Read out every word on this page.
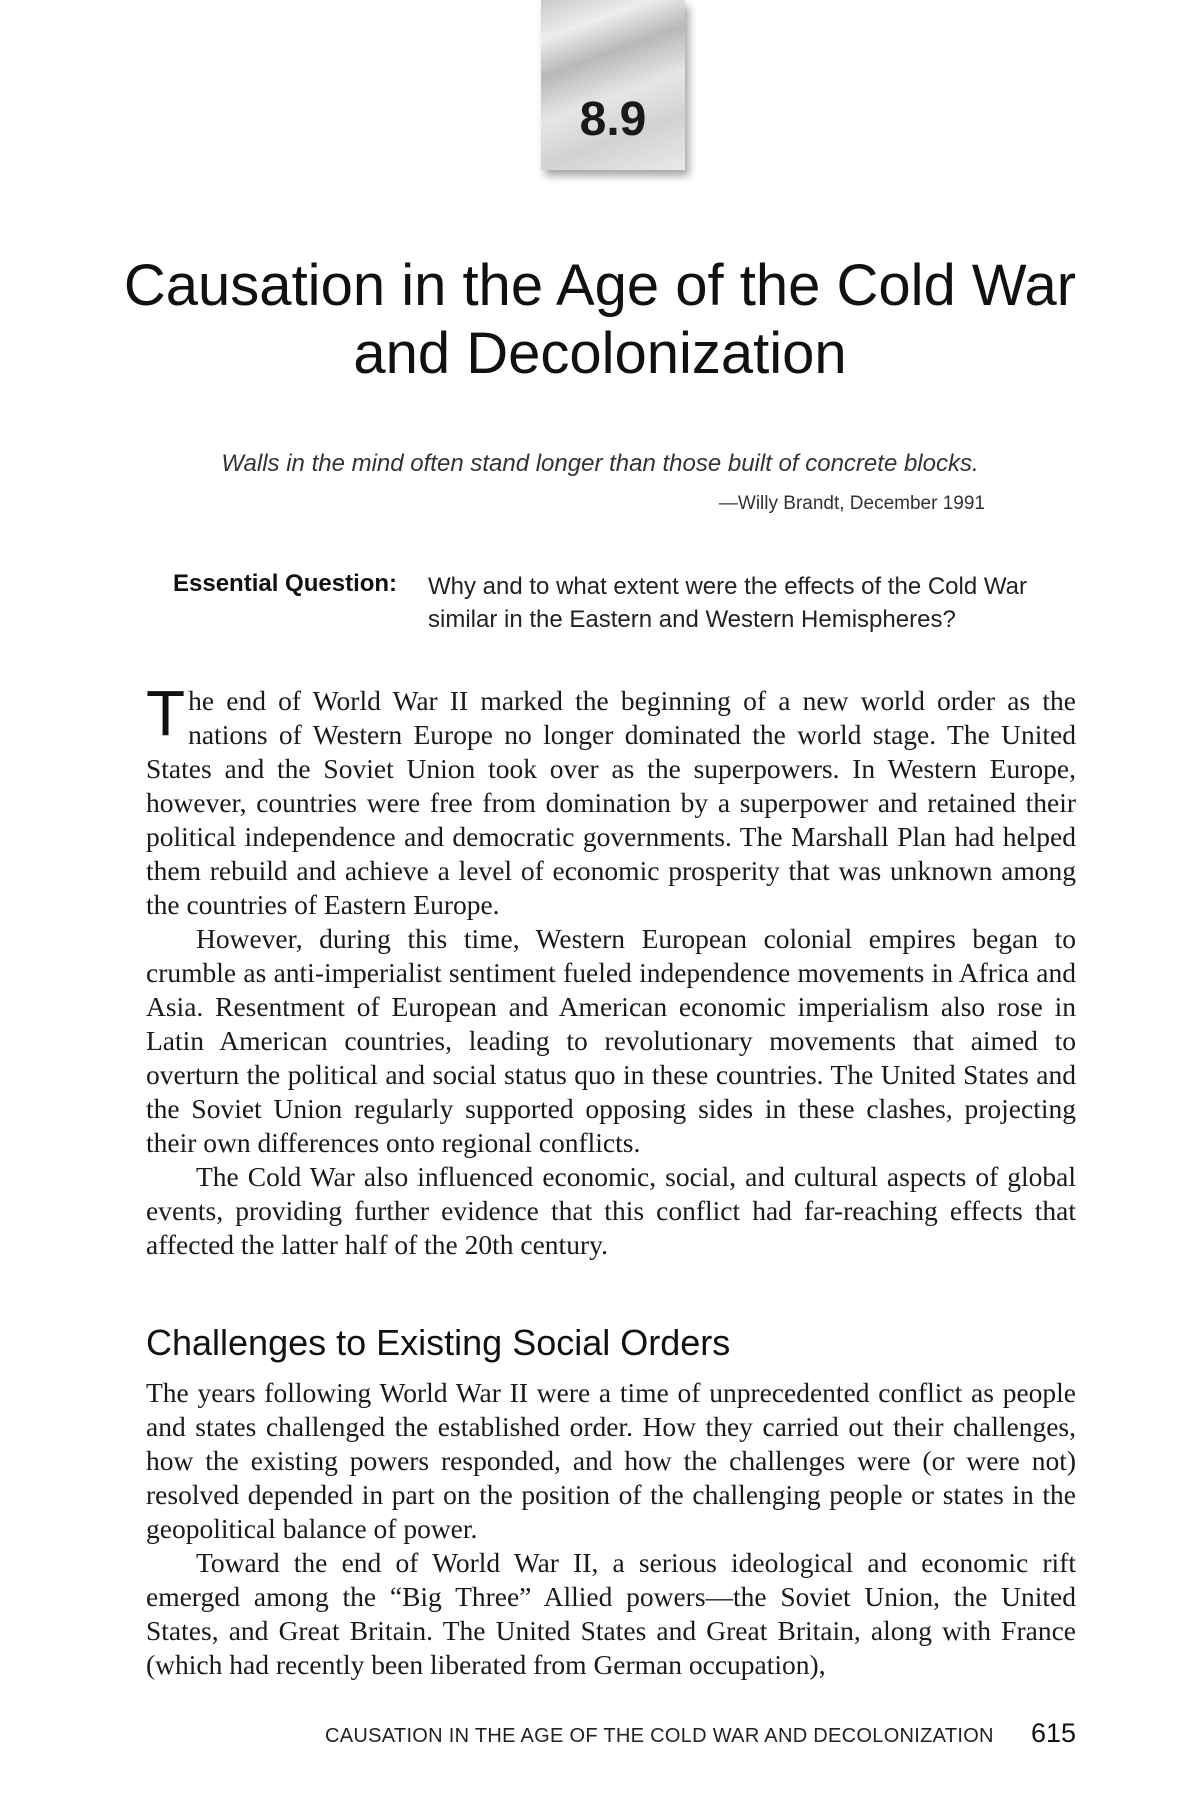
8.9
Causation in the Age of the Cold War and Decolonization
Walls in the mind often stand longer than those built of concrete blocks.
—Willy Brandt, December 1991
Essential Question: Why and to what extent were the effects of the Cold War similar in the Eastern and Western Hemispheres?

The end of World War II marked the beginning of a new world order as the nations of Western Europe no longer dominated the world stage. The United States and the Soviet Union took over as the superpowers. In Western Europe, however, countries were free from domination by a superpower and retained their political independence and democratic governments. The Marshall Plan had helped them rebuild and achieve a level of economic prosperity that was unknown among the countries of Eastern Europe.

However, during this time, Western European colonial empires began to crumble as anti-imperialist sentiment fueled independence movements in Africa and Asia. Resentment of European and American economic imperialism also rose in Latin American countries, leading to revolutionary movements that aimed to overturn the political and social status quo in these countries. The United States and the Soviet Union regularly supported opposing sides in these clashes, projecting their own differences onto regional conflicts.

The Cold War also influenced economic, social, and cultural aspects of global events, providing further evidence that this conflict had far-reaching effects that affected the latter half of the 20th century.

Challenges to Existing Social Orders

The years following World War II were a time of unprecedented conflict as people and states challenged the established order. How they carried out their challenges, how the existing powers responded, and how the challenges were (or were not) resolved depended in part on the position of the challenging people or states in the geopolitical balance of power.

Toward the end of World War II, a serious ideological and economic rift emerged among the “Big Three” Allied powers—the Soviet Union, the United States, and Great Britain. The United States and Great Britain, along with France (which had recently been liberated from German occupation),

CAUSATION IN THE AGE OF THE COLD WAR AND DECOLONIZATION 615
